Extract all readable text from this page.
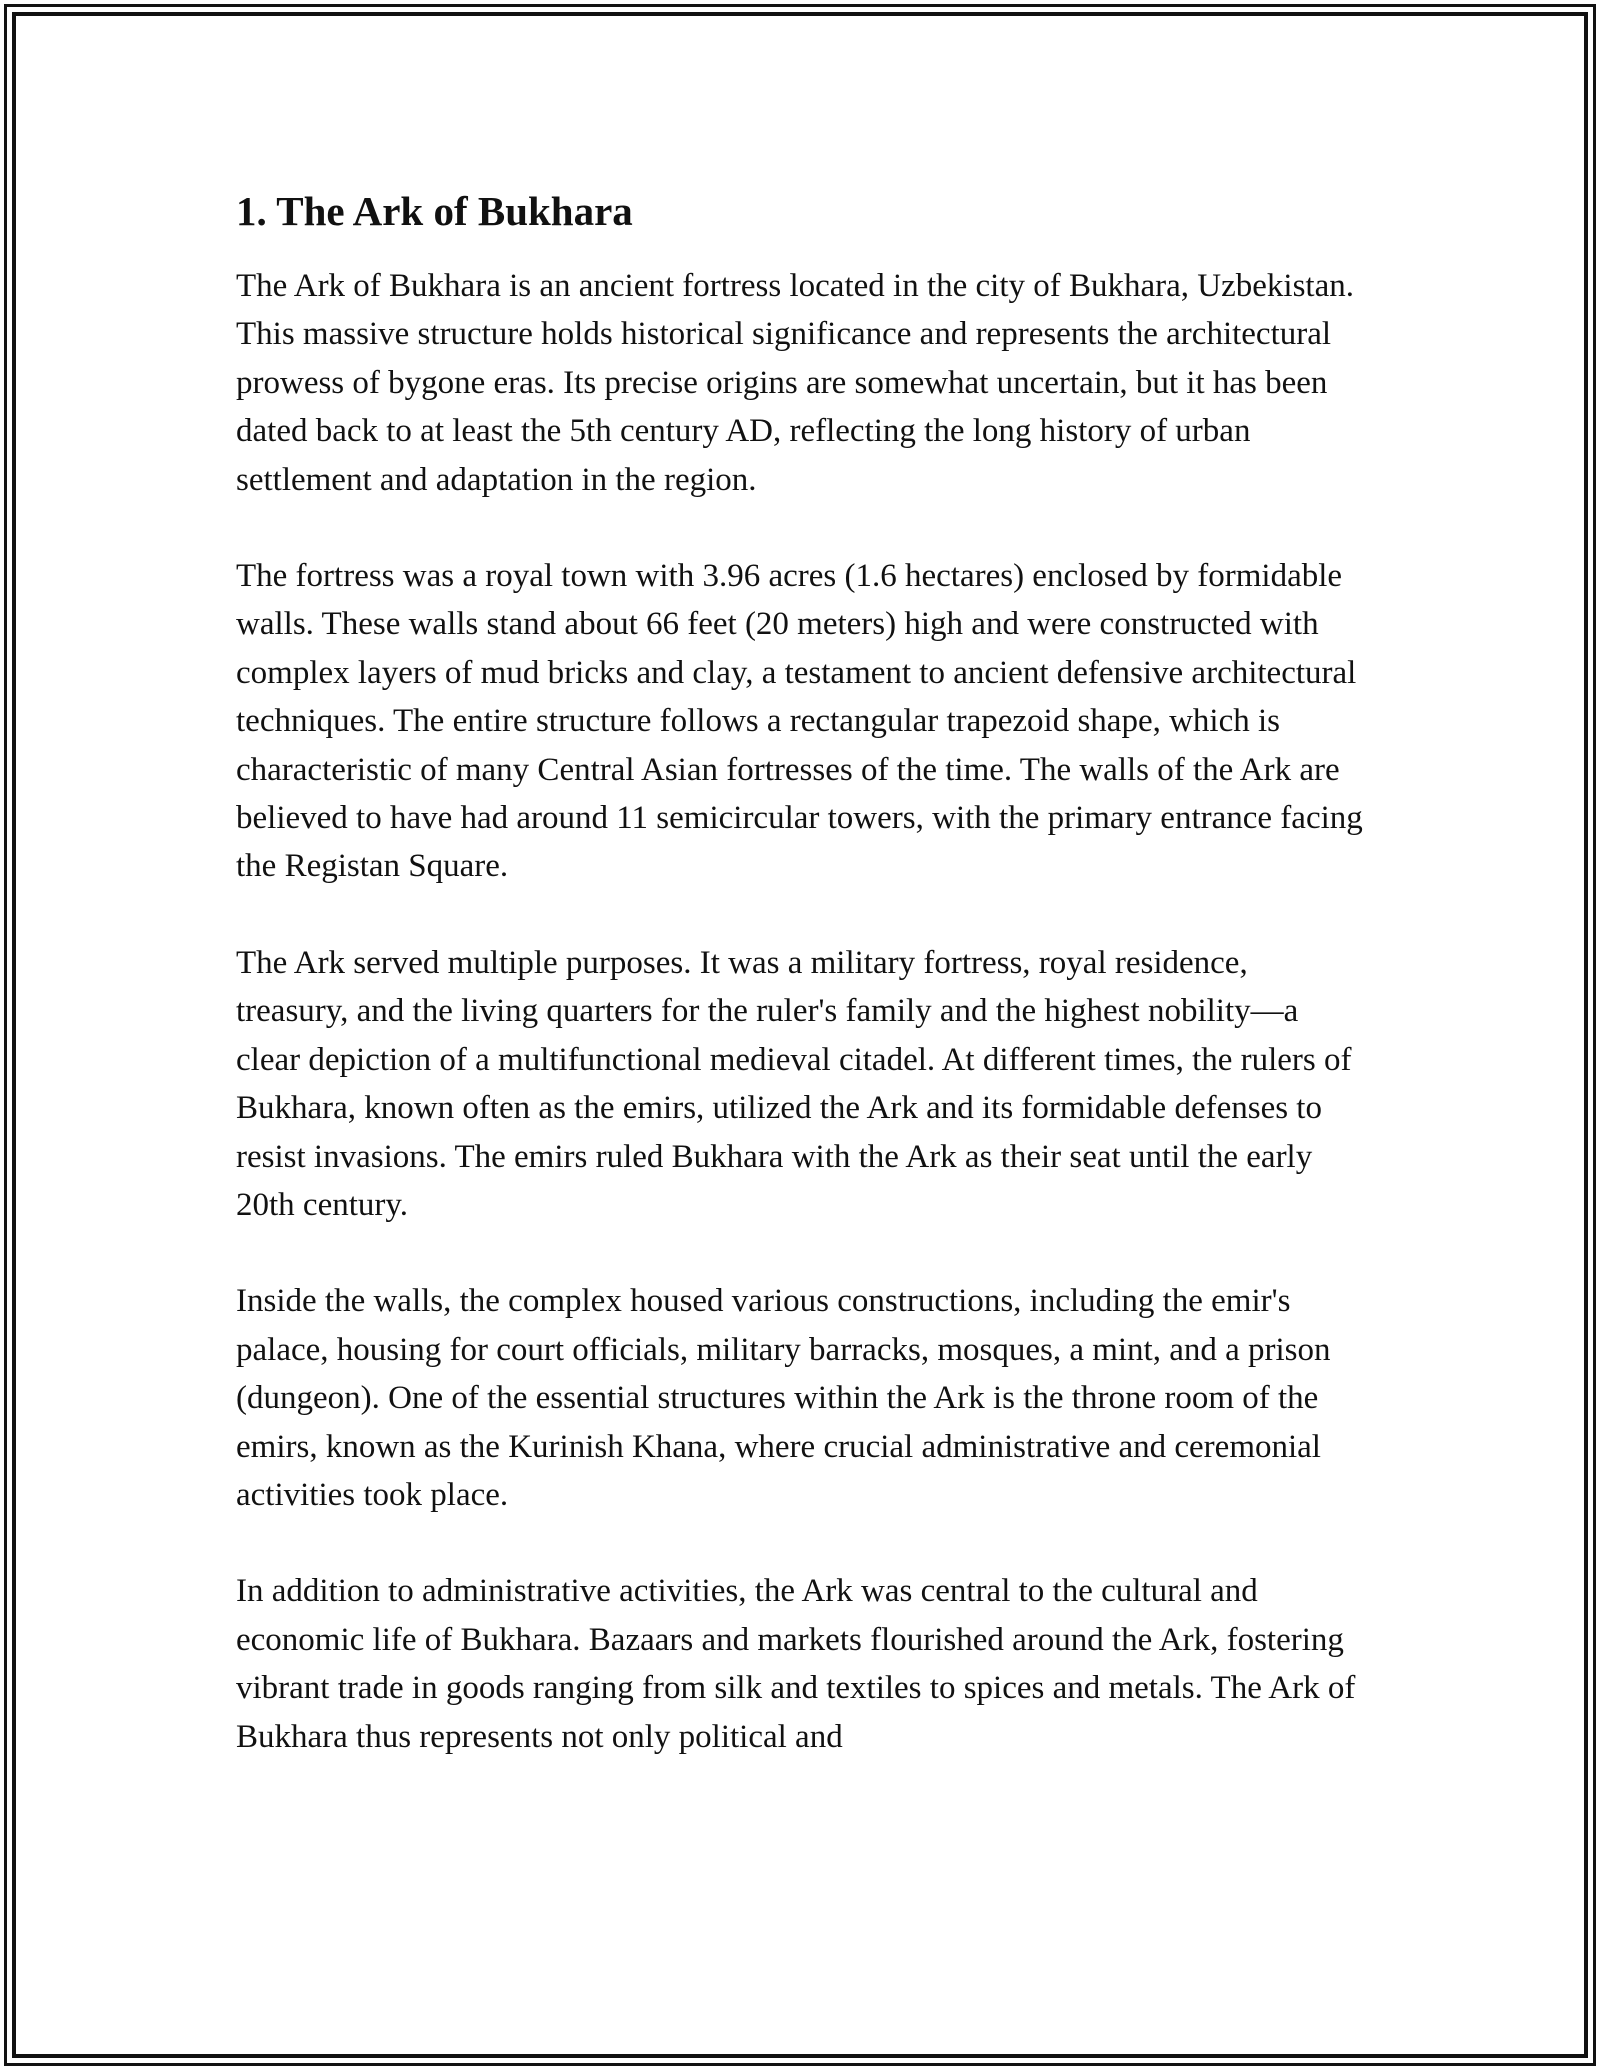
1. The Ark of Bukhara

The Ark of Bukhara is an ancient fortress located in the city of Bukhara, Uzbekistan. This massive structure holds historical significance and represents the architectural prowess of bygone eras. Its precise origins are somewhat uncertain, but it has been dated back to at least the 5th century AD, reflecting the long history of urban settlement and adaptation in the region.

The fortress was a royal town with 3.96 acres (1.6 hectares) enclosed by formidable walls. These walls stand about 66 feet (20 meters) high and were constructed with complex layers of mud bricks and clay, a testament to ancient defensive architectural techniques. The entire structure follows a rectangular trapezoid shape, which is characteristic of many Central Asian fortresses of the time. The walls of the Ark are believed to have had around 11 semicircular towers, with the primary entrance facing the Registan Square.

The Ark served multiple purposes. It was a military fortress, royal residence, treasury, and the living quarters for the ruler's family and the highest nobility—a clear depiction of a multifunctional medieval citadel. At different times, the rulers of Bukhara, known often as the emirs, utilized the Ark and its formidable defenses to resist invasions. The emirs ruled Bukhara with the Ark as their seat until the early 20th century.

Inside the walls, the complex housed various constructions, including the emir's palace, housing for court officials, military barracks, mosques, a mint, and a prison (dungeon). One of the essential structures within the Ark is the throne room of the emirs, known as the Kurinish Khana, where crucial administrative and ceremonial activities took place.

In addition to administrative activities, the Ark was central to the cultural and economic life of Bukhara. Bazaars and markets flourished around the Ark, fostering vibrant trade in goods ranging from silk and textiles to spices and metals. The Ark of Bukhara thus represents not only political and
